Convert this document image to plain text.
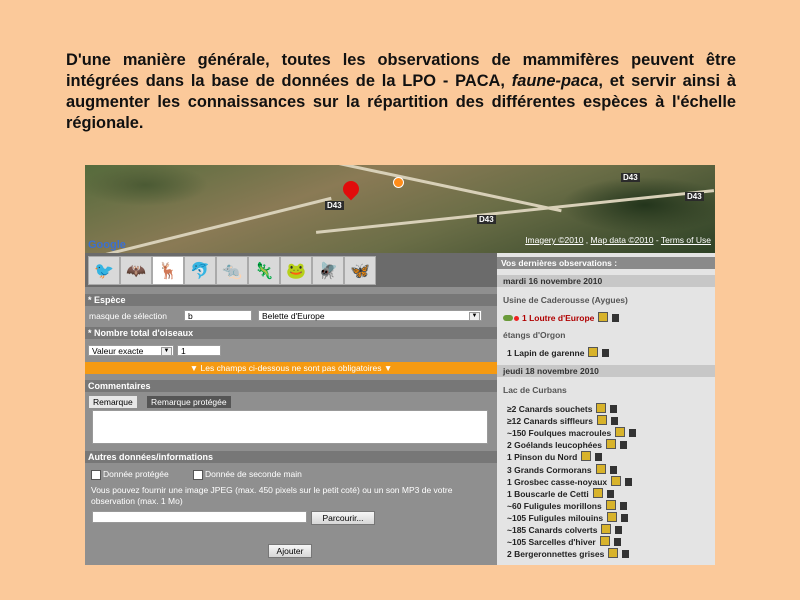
D'une manière générale, toutes les observations de mammifères peuvent être intégrées dans la base de données de la LPO - PACA, faune-paca, et servir ainsi à augmenter les connaissances sur la répartition des différentes espèces à l'échelle régionale.
D43
D43
D43
D43
Google	Imagery ©2010 , Map data ©2010 - Terms of Use
🐦 🦇 🦌 🐬 🐀 🦎 🐸 🪰 🦋
* Espèce
masque de sélection	b	Belette d'Europe	▼
* Nombre total d'oiseaux
Valeur exacte	▼	1
▼ Les champs ci-dessous ne sont pas obligatoires ▼
Commentaires
Remarque	Remarque protégée
Autres données/informations
Donnée protégée	Donnée de seconde main
Vous pouvez fournir une image JPEG (max. 450 pixels sur le petit coté) ou un son MP3 de votre observation (max. 1 Mo)
Parcourir...
Ajouter
Vos dernières observations :
mardi 16 novembre 2010
Usine de Caderousse (Aygues)
1 Loutre d'Europe
étangs d'Orgon
1 Lapin de garenne
jeudi 18 novembre 2010
Lac de Curbans
≥2 Canards souchets
≥12 Canards siffleurs
~150 Foulques macroules
2 Goélands leucophées
1 Pinson du Nord
3 Grands Cormorans
1 Grosbec casse-noyaux
1 Bouscarle de Cetti
~60 Fuligules morillons
~105 Fuligules milouins
~185 Canards colverts
~105 Sarcelles d'hiver
2 Bergeronnettes grises
